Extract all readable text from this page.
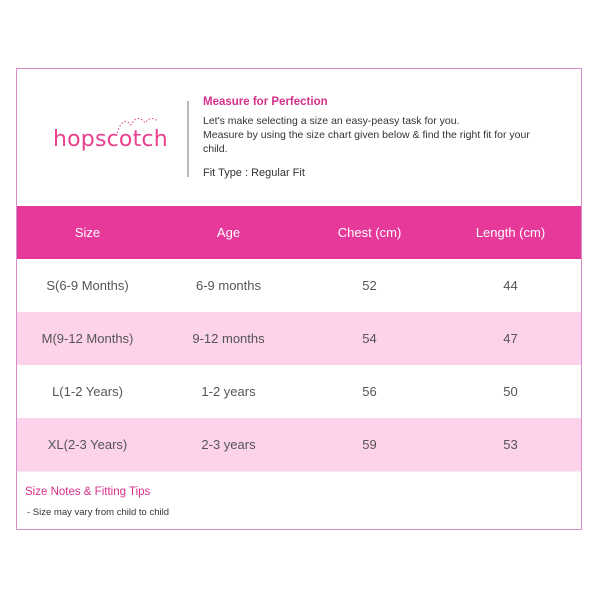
hopscotch
Measure for Perfection
Let's make selecting a size an easy-peasy task for you.
Measure by using the size chart given below & find the right fit for your
child.
Fit Type : Regular Fit
Size	Age	Chest (cm)	Length (cm)
S(6-9 Months)	6-9 months	52	44
M(9-12 Months)	9-12 months	54	47
L(1-2 Years)	1-2 years	56	50
XL(2-3 Years)	2-3 years	59	53
Size Notes & Fitting Tips
- Size may vary from child to child
